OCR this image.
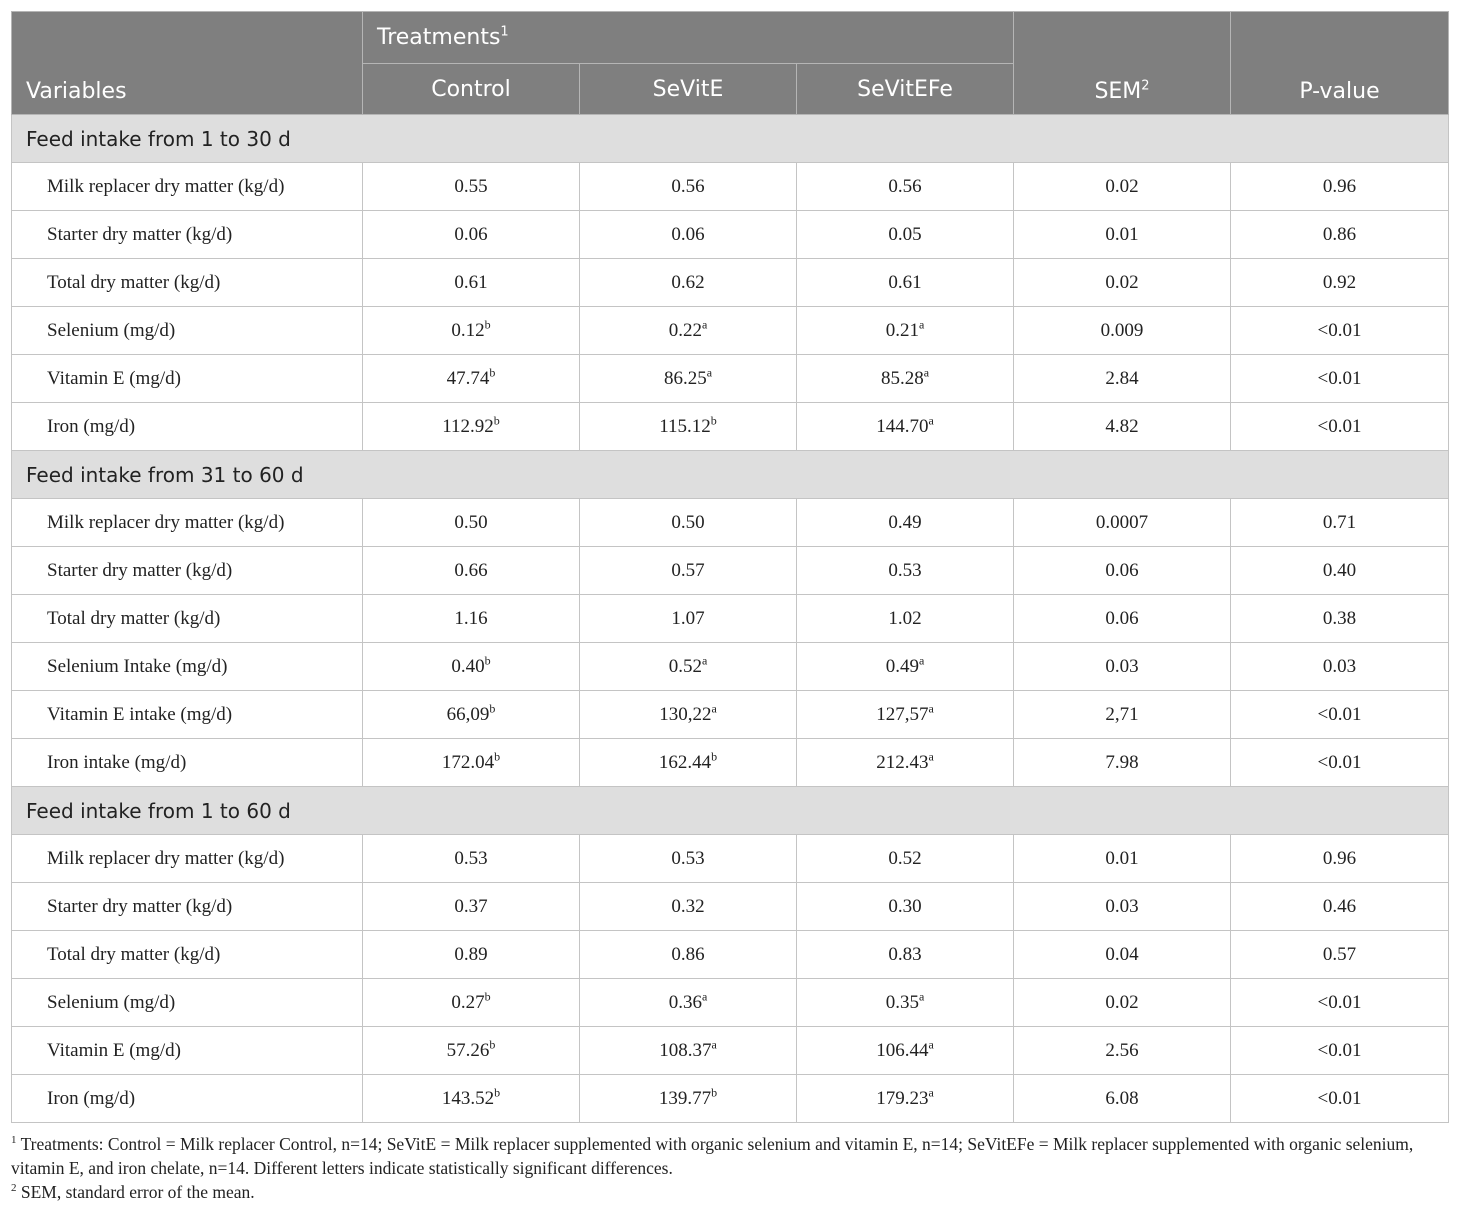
Variables	Treatments$^1$			SEM$^2$	P-value
	Control	SeVitE	SeVitEFe		
Feed intake from 1 to 30 d					
Milk replacer dry matter (kg/d)	0.55	0.56	0.56	0.02	0.96
Starter dry matter (kg/d)	0.06	0.06	0.05	0.01	0.86
Total dry matter (kg/d)	0.61	0.62	0.61	0.02	0.92
Selenium (mg/d)	0.12$^b$	0.22$^a$	0.21$^a$	0.009	<0.01
Vitamin E (mg/d)	47.74$^b$	86.25$^a$	85.28$^a$	2.84	<0.01
Iron (mg/d)	112.92$^b$	115.12$^b$	144.70$^a$	4.82	<0.01
Feed intake from 31 to 60 d					
Milk replacer dry matter (kg/d)	0.50	0.50	0.49	0.0007	0.71
Starter dry matter (kg/d)	0.66	0.57	0.53	0.06	0.40
Total dry matter (kg/d)	1.16	1.07	1.02	0.06	0.38
Selenium Intake (mg/d)	0.40$^b$	0.52$^a$	0.49$^a$	0.03	0.03
Vitamin E intake (mg/d)	66,09$^b$	130,22$^a$	127,57$^a$	2,71	<0.01
Iron intake (mg/d)	172.04$^b$	162.44$^b$	212.43$^a$	7.98	<0.01
Feed intake from 1 to 60 d					
Milk replacer dry matter (kg/d)	0.53	0.53	0.52	0.01	0.96
Starter dry matter (kg/d)	0.37	0.32	0.30	0.03	0.46
Total dry matter (kg/d)	0.89	0.86	0.83	0.04	0.57
Selenium (mg/d)	0.27$^b$	0.36$^a$	0.35$^a$	0.02	<0.01
Vitamin E (mg/d)	57.26$^b$	108.37$^a$	106.44$^a$	2.56	<0.01
Iron (mg/d)	143.52$^b$	139.77$^b$	179.23$^a$	6.08	<0.01

$^1$ Treatments: Control = Milk replacer Control, n=14; SeVitE = Milk replacer supplemented with organic selenium and vitamin E, n=14; SeVitEFe = Milk replacer supplemented with organic selenium, vitamin E, and iron chelate, n=14. Different letters indicate statistically significant differences.

$^2$ SEM, standard error of the mean.
